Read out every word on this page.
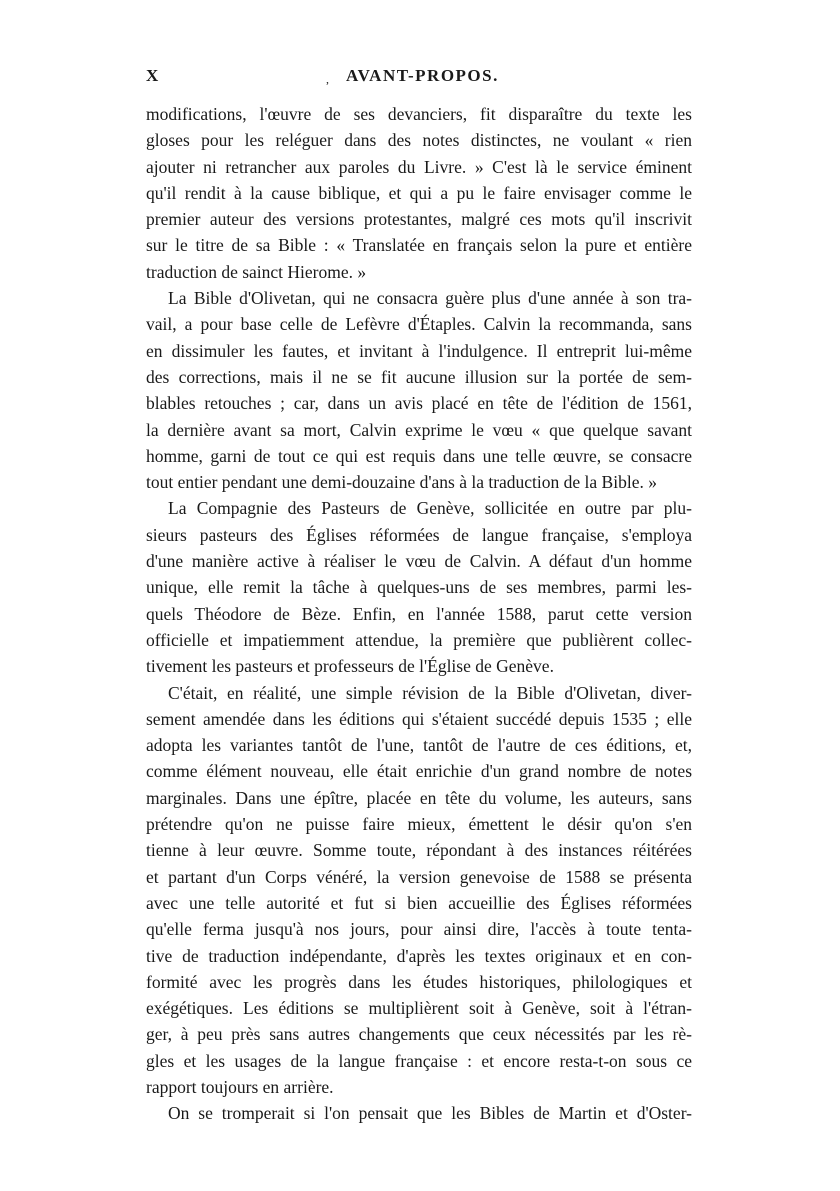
X	, AVANT-PROPOS.
modifications, l'œuvre de ses devanciers, fit disparaître du texte les
gloses pour les reléguer dans des notes distinctes, ne voulant « rien
ajouter ni retrancher aux paroles du Livre. » C'est là le service éminent
qu'il rendit à la cause biblique, et qui a pu le faire envisager comme le
premier auteur des versions protestantes, malgré ces mots qu'il inscrivit
sur le titre de sa Bible : « Translatée en français selon la pure et entière
traduction de sainct Hierome. »
La Bible d'Olivetan, qui ne consacra guère plus d'une année à son tra-
vail, a pour base celle de Lefèvre d'Étaples. Calvin la recommanda, sans
en dissimuler les fautes, et invitant à l'indulgence. Il entreprit lui-même
des corrections, mais il ne se fit aucune illusion sur la portée de sem-
blables retouches ; car, dans un avis placé en tête de l'édition de 1561,
la dernière avant sa mort, Calvin exprime le vœu « que quelque savant
homme, garni de tout ce qui est requis dans une telle œuvre, se consacre
tout entier pendant une demi-douzaine d'ans à la traduction de la Bible. »
La Compagnie des Pasteurs de Genève, sollicitée en outre par plu-
sieurs pasteurs des Églises réformées de langue française, s'employa
d'une manière active à réaliser le vœu de Calvin. A défaut d'un homme
unique, elle remit la tâche à quelques-uns de ses membres, parmi les-
quels Théodore de Bèze. Enfin, en l'année 1588, parut cette version
officielle et impatiemment attendue, la première que publièrent collec-
tivement les pasteurs et professeurs de l'Église de Genève.
C'était, en réalité, une simple révision de la Bible d'Olivetan, diver-
sement amendée dans les éditions qui s'étaient succédé depuis 1535 ; elle
adopta les variantes tantôt de l'une, tantôt de l'autre de ces éditions, et,
comme élément nouveau, elle était enrichie d'un grand nombre de notes
marginales. Dans une épître, placée en tête du volume, les auteurs, sans
prétendre qu'on ne puisse faire mieux, émettent le désir qu'on s'en
tienne à leur œuvre. Somme toute, répondant à des instances réitérées
et partant d'un Corps vénéré, la version genevoise de 1588 se présenta
avec une telle autorité et fut si bien accueillie des Églises réformées
qu'elle ferma jusqu'à nos jours, pour ainsi dire, l'accès à toute tenta-
tive de traduction indépendante, d'après les textes originaux et en con-
formité avec les progrès dans les études historiques, philologiques et
exégétiques. Les éditions se multiplièrent soit à Genève, soit à l'étran-
ger, à peu près sans autres changements que ceux nécessités par les rè-
gles et les usages de la langue française : et encore resta-t-on sous ce
rapport toujours en arrière.
On se tromperait si l'on pensait que les Bibles de Martin et d'Oster-
